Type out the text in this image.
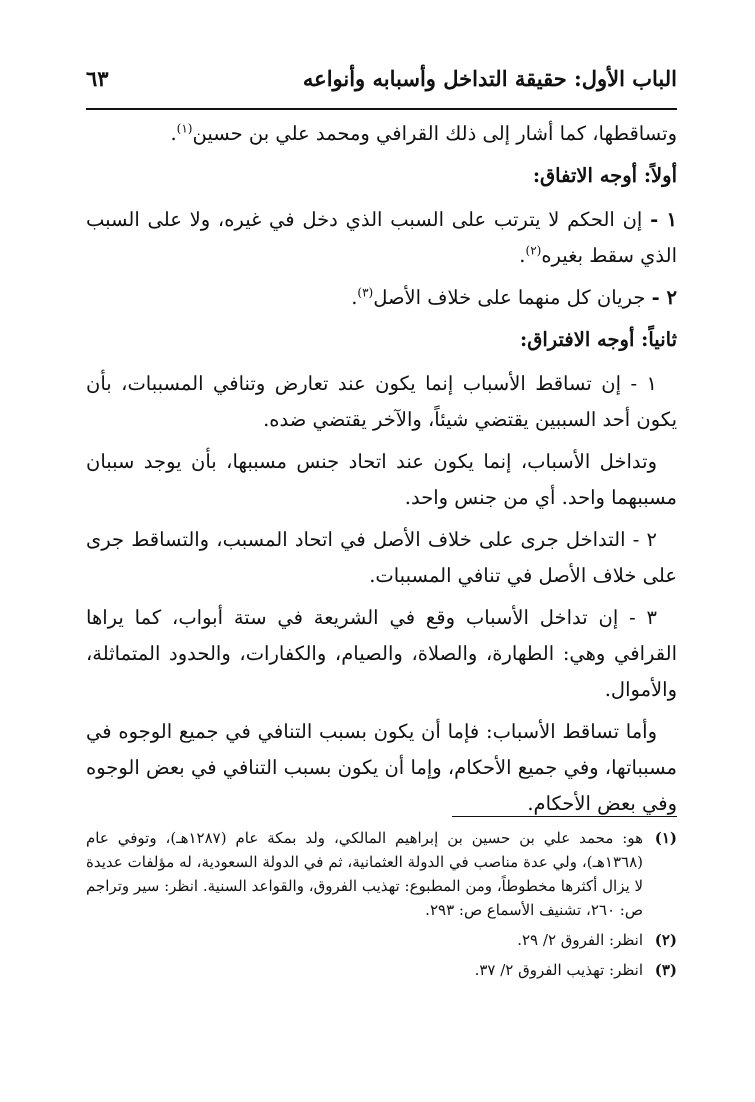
الباب الأول: حقيقة التداخل وأسبابه وأنواعه
٦٣

وتساقطها، كما أشار إلى ذلك القرافي ومحمد علي بن حسين$^{(١)}$.

أولاً: أوجه الاتفاق:

١ - إن الحكم لا يترتب على السبب الذي دخل في غيره، ولا على السبب الذي سقط بغيره$^{(٢)}$.

٢ - جريان كل منهما على خلاف الأصل$^{(٣)}$.

ثانياً: أوجه الافتراق:

١ - إن تساقط الأسباب إنما يكون عند تعارض وتنافي المسببات، بأن يكون أحد السببين يقتضي شيئاً، والآخر يقتضي ضده.

وتداخل الأسباب، إنما يكون عند اتحاد جنس مسببها، بأن يوجد سببان مسببهما واحد. أي من جنس واحد.

٢ - التداخل جرى على خلاف الأصل في اتحاد المسبب، والتساقط جرى على خلاف الأصل في تنافي المسببات.

٣ - إن تداخل الأسباب وقع في الشريعة في ستة أبواب، كما يراها القرافي وهي: الطهارة، والصلاة، والصيام، والكفارات، والحدود المتماثلة، والأموال.

وأما تساقط الأسباب: فإما أن يكون بسبب التنافي في جميع الوجوه في مسبباتها، وفي جميع الأحكام، وإما أن يكون بسبب التنافي في بعض الوجوه وفي بعض الأحكام.

(١)
هو: محمد علي بن حسين بن إبراهيم المالكي، ولد بمكة عام (١٢٨٧هـ)، وتوفي عام (١٣٦٨هـ)، ولي عدة مناصب في الدولة العثمانية، ثم في الدولة السعودية، له مؤلفات عديدة لا يزال أكثرها مخطوطاً، ومن المطبوع: تهذيب الفروق، والقواعد السنية. انظر: سير وتراجم ص: ٢٦٠، تشنيف الأسماع ص: ٢٩٣.
(٢)
انظر: الفروق ٢/ ٢٩.
(٣)
انظر: تهذيب الفروق ٢/ ٣٧.
